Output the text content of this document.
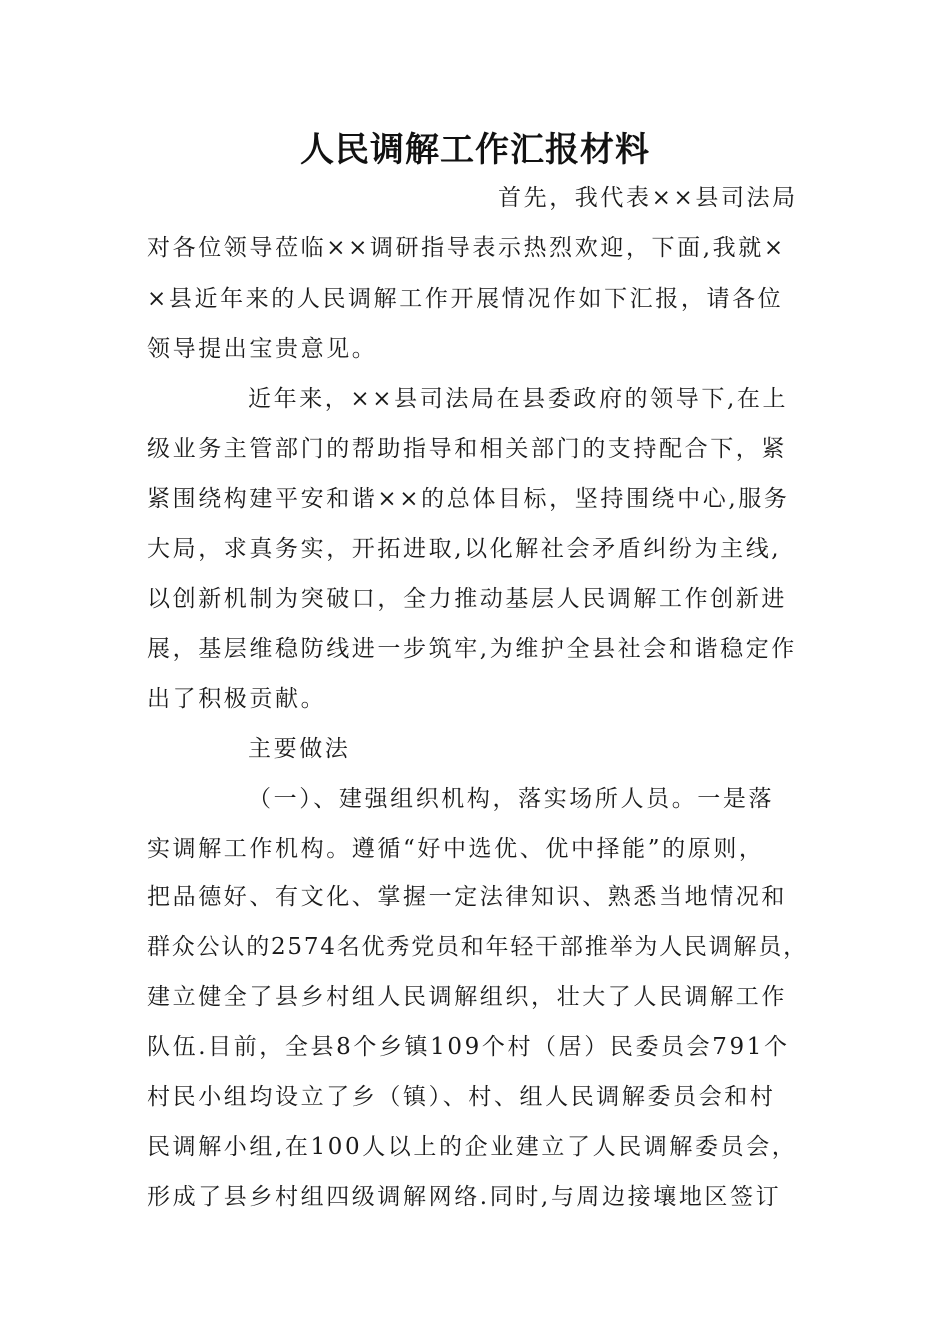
人民调解工作汇报材料
首先，我代表××县司法局
对各位领导莅临××调研指导表示热烈欢迎，下面,我就×
×县近年来的人民调解工作开展情况作如下汇报，请各位
领导提出宝贵意见。
近年来，××县司法局在县委政府的领导下,在上
级业务主管部门的帮助指导和相关部门的支持配合下，紧
紧围绕构建平安和谐××的总体目标，坚持围绕中心,服务
大局，求真务实，开拓进取,以化解社会矛盾纠纷为主线,
以创新机制为突破口，全力推动基层人民调解工作创新进
展，基层维稳防线进一步筑牢,为维护全县社会和谐稳定作
出了积极贡献。
主要做法
（一）、建强组织机构，落实场所人员。一是落
实调解工作机构。遵循“好中选优、优中择能”的原则，
把品德好、有文化、掌握一定法律知识、熟悉当地情况和
群众公认的2574名优秀党员和年轻干部推举为人民调解员，
建立健全了县乡村组人民调解组织，壮大了人民调解工作
队伍.目前，全县8个乡镇109个村（居）民委员会791个
村民小组均设立了乡（镇）、村、组人民调解委员会和村
民调解小组,在100人以上的企业建立了人民调解委员会，
形成了县乡村组四级调解网络.同时,与周边接壤地区签订
